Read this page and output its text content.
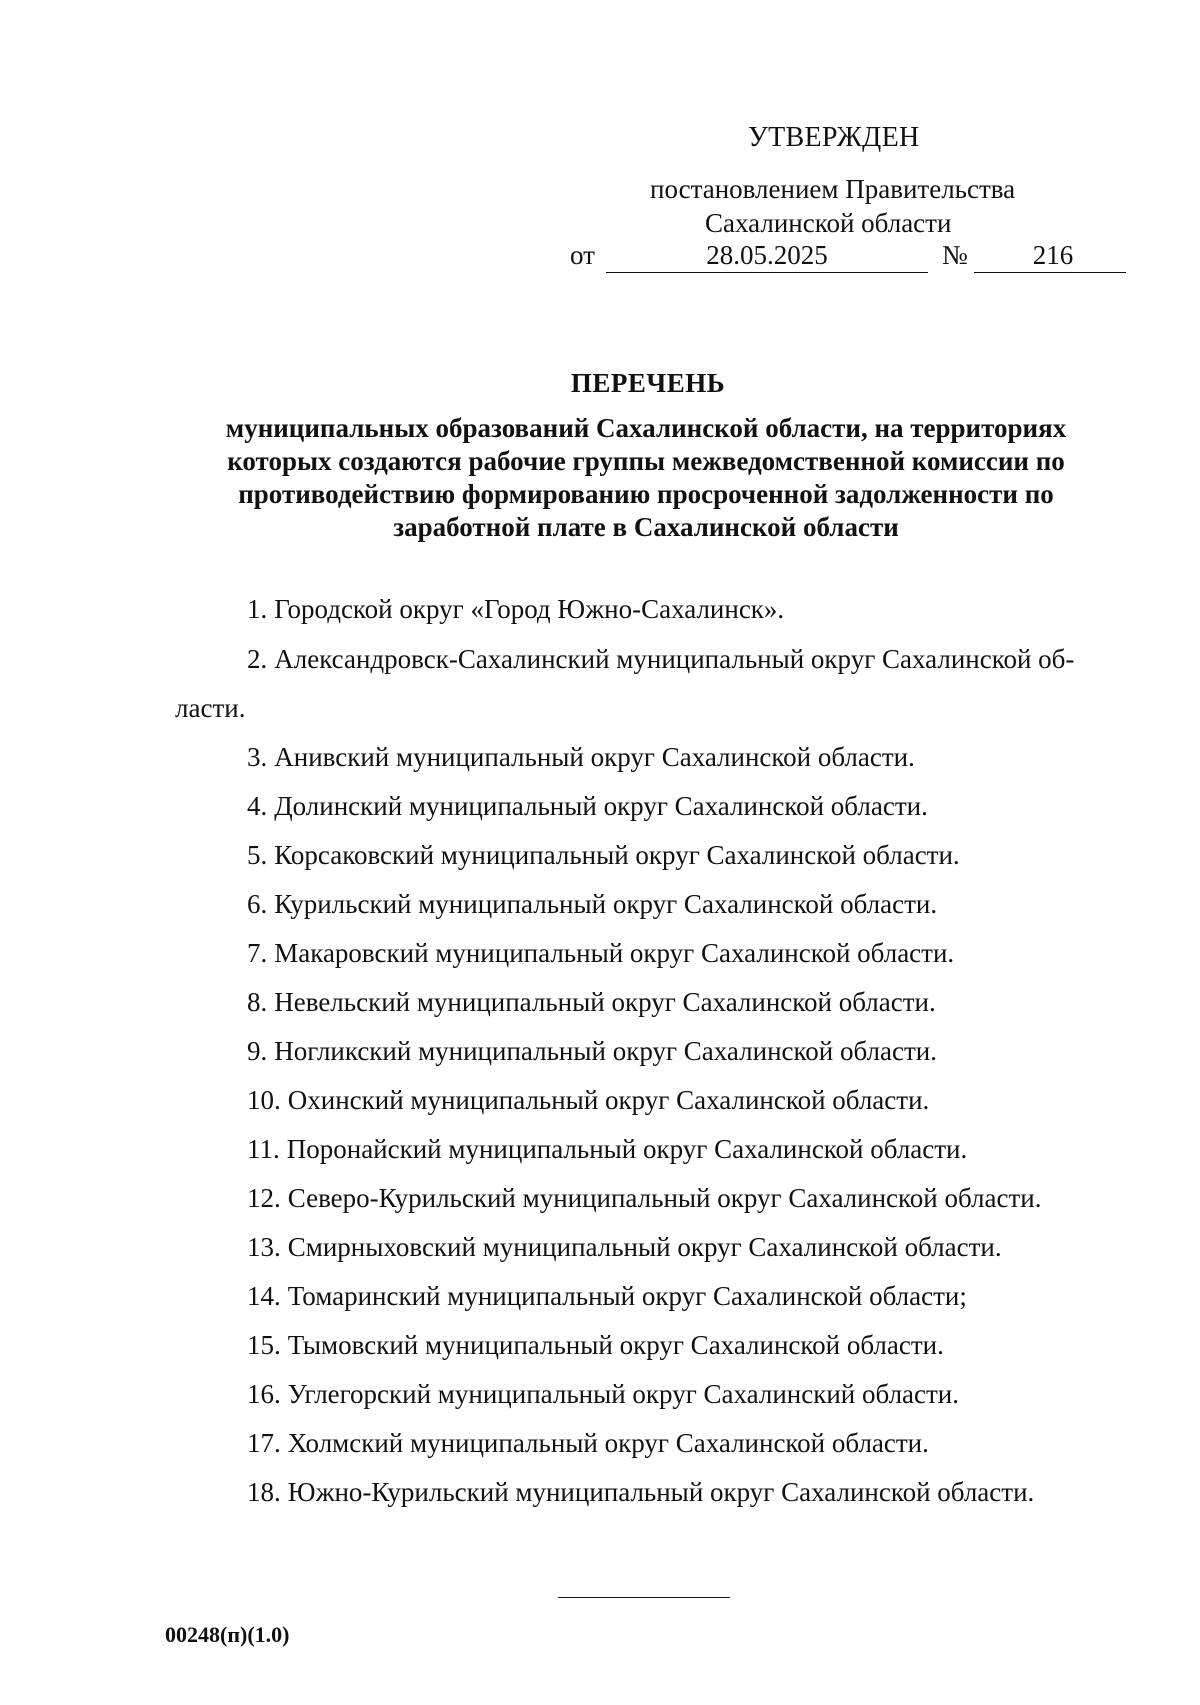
УТВЕРЖДЕН
постановлением Правительства
Сахалинской области
от	28.05.2025	№	216
ПЕРЕЧЕНЬ
муниципальных образований Сахалинской области, на территориях
которых создаются рабочие группы межведомственной комиссии по
противодействию формированию просроченной задолженности по
заработной плате в Сахалинской области
1. Городской округ «Город Южно-Сахалинск».
2. Александровск-Сахалинский муниципальный округ Сахалинской об-
ласти.
3. Анивский муниципальный округ Сахалинской области.
4. Долинский муниципальный округ Сахалинской области.
5. Корсаковский муниципальный округ Сахалинской области.
6. Курильский муниципальный округ Сахалинской области.
7. Макаровский муниципальный округ Сахалинской области.
8. Невельский муниципальный округ Сахалинской области.
9. Ногликский муниципальный округ Сахалинской области.
10. Охинский муниципальный округ Сахалинской области.
11. Поронайский муниципальный округ Сахалинской области.
12. Северо-Курильский муниципальный округ Сахалинской области.
13. Смирныховский муниципальный округ Сахалинской области.
14. Томаринский муниципальный округ Сахалинской области;
15. Тымовский муниципальный округ Сахалинской области.
16. Углегорский муниципальный округ Сахалинский области.
17. Холмский муниципальный округ Сахалинской области.
18. Южно-Курильский муниципальный округ Сахалинской области.
00248(п)(1.0)
